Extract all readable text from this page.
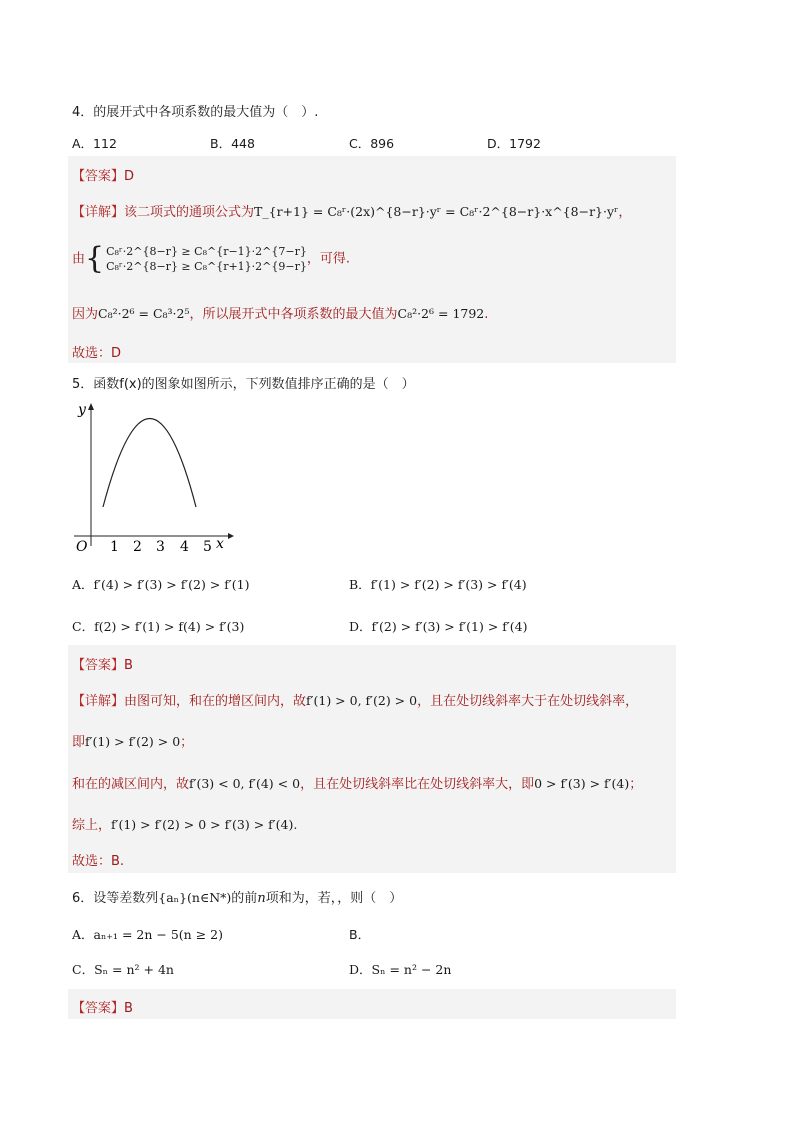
4．的展开式中各项系数的最大值为（　）.
A．112	B．448	C．896	D．1792
【答案】D
【详解】该二项式的通项公式为T_{r+1} = C₈ʳ·(2x)^{8−r}·yʳ = C₈ʳ·2^{8−r}·x^{8−r}·yʳ，
由{ C₈ʳ·2^{8−r} ≥ C₈^{r−1}·2^{7−r}
C₈ʳ·2^{8−r} ≥ C₈^{r+1}·2^{9−r}，可得.
因为C₈²·2⁶ = C₈³·2⁵，所以展开式中各项系数的最大值为C₈²·2⁶ = 1792.
故选：D
5．函数f(x)的图象如图所示，下列数值排序正确的是（　）
y
x
O 1 2 3 4 5
A．f′(4) > f′(3) > f′(2) > f′(1)	B．f′(1) > f′(2) > f′(3) > f′(4)
C．f(2) > f′(1) > f(4) > f′(3)	D．f′(2) > f′(3) > f′(1) > f′(4)
【答案】B
【详解】由图可知，和在的增区间内，故f′(1) > 0, f′(2) > 0，且在处切线斜率大于在处切线斜率，
即f′(1) > f′(2) > 0；
和在的减区间内，故f′(3) < 0, f′(4) < 0，且在处切线斜率比在处切线斜率大，即0 > f′(3) > f′(4)；
综上，f′(1) > f′(2) > 0 > f′(3) > f′(4).
故选：B.
6．设等差数列{aₙ}(n∈N*)的前n项和为，若，，则（　）
A．aₙ₊₁ = 2n − 5(n ≥ 2)	B．
C．Sₙ = n² + 4n	D．Sₙ = n² − 2n
【答案】B
